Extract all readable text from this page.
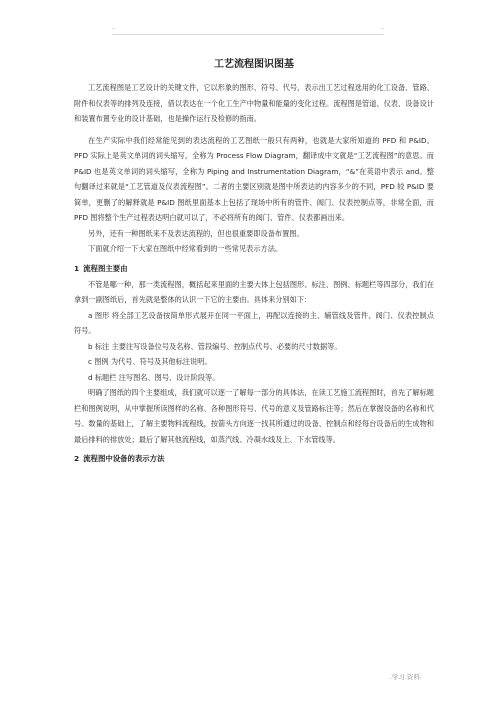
..	..
工艺流程图识图基

工艺流程图是工艺设计的关键文件，它以形象的图形、符号、代号，表示出工艺过程选用的化工设备、管路、附件和仪表等的排列及连接，借以表达在一个化工生产中物量和能量的变化过程。流程图是管道、仪表、设备设计和装置布置专业的设计基础，也是操作运行及检修的指南。

在生产实际中我们经常能见到的表达流程的工艺图纸一般只有两种，也就是大家所知道的 PFD 和 P&ID。PFD 实际上是英文单词的词头缩写，全称为 Process Flow Diagram，翻译成中文就是“工艺流程图”的意思。而 P&ID 也是英文单词的词头缩写，全称为 Piping and Instrumentation Diagram，“&”在英语中表示 and。整句翻译过来就是“工艺管道及仪表流程图”。二者的主要区别就是图中所表达的内容多少的不同，PFD 较 P&ID 要简单，更删了的解释就是 P&ID 图纸里面基本上包括了现场中所有的管件、阀门、仪表控制点等，非常全面，而 PFD 图将整个生产过程表达明白就可以了，不必将所有的阀门、管件、仪表都画出来。

另外，还有一种图纸来不及表达流程的，但也很重要即设备布置图。

下面就介绍一下大家在图纸中经常看到的一些常见表示方法。

1 流程图主要由

不管是哪一种，那一类流程图，概括起来里面的主要大体上包括图形、标注、图例、标题栏等四部分，我们在拿到一副图纸后，首先就是整体的认识一下它的主要由。具体来分别如下：

a 图形 将全部工艺设备按简单形式展开在同一平面上，再配以连接的主、辅管线及管件、阀门、仪表控制点符号。

b 标注 主要注写设备位号及名称、管段编号、控制点代号、必要的尺寸数据等。

c 图例 为代号、符号及其他标注说明。

d 标题栏 注写图名、图号、设计阶段等。

明确了图纸的四个主要组成，我们就可以逐一了解每一部分的具体法，在读工艺施工流程图时，首先了解标题栏和图例说明，从中掌握所读图样的名称、各种图形符号、代号的意义及管路标注等；然后在掌握设备的名称和代号、数量的基础上，了解主要物料流程线，按箭头方向逐一找其所通过的设备、控制点和经每台设备后的生成物和最后排料的排放处；最后了解其他流程线，如蒸汽线、冷凝水线及上、下水管线等。

2 流程图中设备的表示方法
.学习.资料.
